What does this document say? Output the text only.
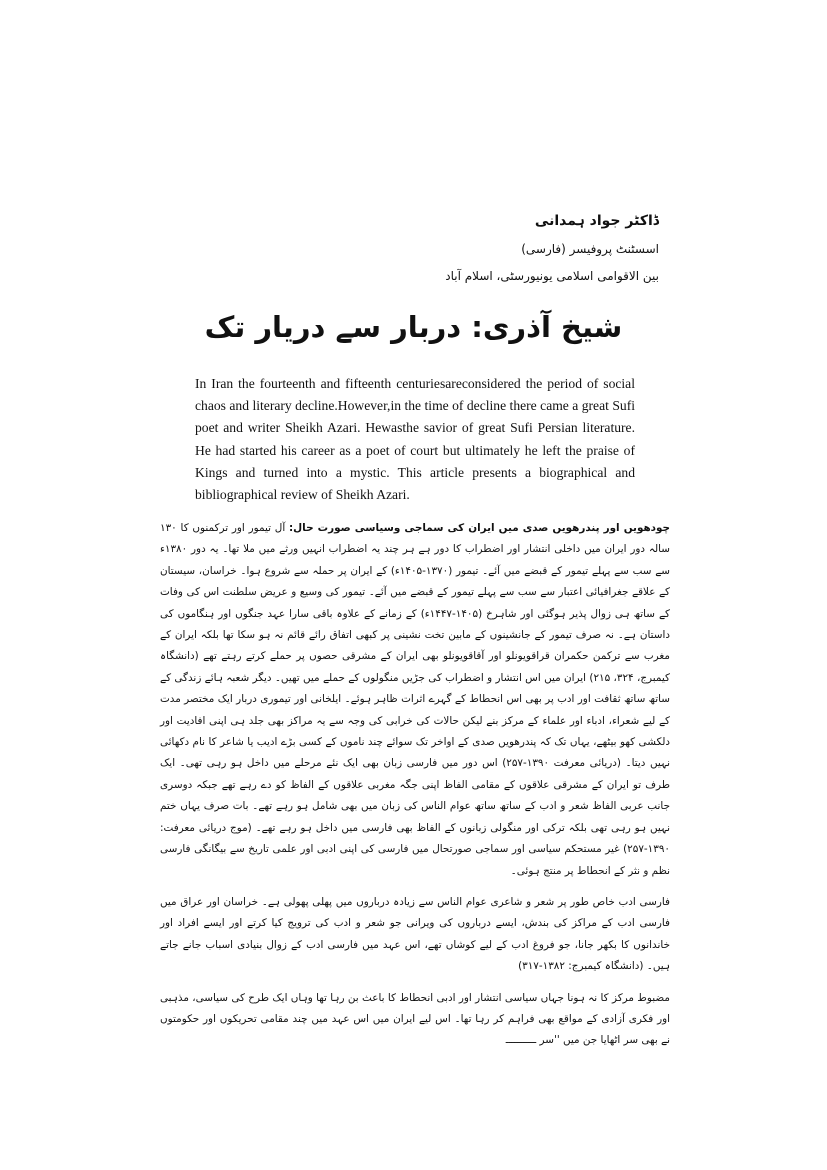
ڈاکٹر جواد ہمدانی
اسسٹنٹ پروفیسر (فارسی)
بین الاقوامی اسلامی یونیورسٹی، اسلام آباد
شیخ آذری: دربار سے دریار تک
In Iran the fourteenth and fifteenth centuriesareconsidered the period of social chaos and literary decline.However,in the time of decline there came a great Sufi poet and writer Sheikh Azari. Hewasthe savior of great Sufi Persian literature. He had started his career as a poet of court but ultimately he left the praise of Kings and turned into a mystic. This article presents a biographical and bibliographical review of Sheikh Azari.

چودھویں اور پندرھویں صدی میں ایران کی سماجی وسیاسی صورت حال: آل تیمور اور ترکمنوں کا ۱۳۰ سالہ دور ایران میں داخلی انتشار اور اضطراب کا دور ہے ہر چند یہ اضطراب انہیں ورثے میں ملا تھا۔ یہ دور ۱۳۸۰ء سے سب سے پہلے تیمور کے قبضے میں آئے۔ تیمور (۱۳۷۰-۱۴۰۵ء) کے ایران پر حملہ سے شروع ہوا۔ خراسان، سیستان کے علاقے جغرافیائی اعتبار سے سب سے پہلے تیمور کے قبضے میں آئے۔ تیمور کی وسیع و عریض سلطنت اس کی وفات کے ساتھ ہی زوال پذیر ہوگئی اور شاہرخ (۱۴۰۵-۱۴۴۷ء) کے زمانے کے علاوہ باقی سارا عہد جنگوں اور ہنگاموں کی داستان ہے۔ نہ صرف تیمور کے جانشینوں کے مابین تخت نشینی پر کبھی اتفاق رائے قائم نہ ہو سکا تھا بلکہ ایران کے مغرب سے ترکمن حکمران قراقویونلو اور آقاقویونلو بھی ایران کے مشرقی حصوں پر حملے کرتے رہتے تھے (دانشگاہ کیمبرج، ۳۲۴، ۲۱۵) ایران میں اس انتشار و اضطراب کی جڑیں منگولوں کے حملے میں تھیں۔ دیگر شعبہ ہائے زندگی کے ساتھ ساتھ ثقافت اور ادب پر بھی اس انحطاط کے گہرے اثرات ظاہر ہوئے۔ ایلخانی اور تیموری دربار ایک مختصر مدت کے لیے شعراء، ادباء اور علماء کے مرکز بنے لیکن حالات کی خرابی کی وجہ سے یہ مراکز بھی جلد ہی اپنی افادیت اور دلکشی کھو بیٹھے، یہاں تک کہ پندرھویں صدی کے اواخر تک سوائے چند ناموں کے کسی بڑے ادیب یا شاعر کا نام دکھائی نہیں دیتا۔ (دریائی معرفت ۱۳۹۰-۲۵۷) اس دور میں فارسی زبان بھی ایک نئے مرحلے میں داخل ہو رہی تھی۔ ایک طرف تو ایران کے مشرقی علاقوں کے مقامی الفاظ اپنی جگہ مغربی علاقوں کے الفاظ کو دے رہے تھے جبکہ دوسری جانب عربی الفاظ شعر و ادب کے ساتھ ساتھ عوام الناس کی زبان میں بھی شامل ہو رہے تھے۔ بات صرف یہاں ختم نہیں ہو رہی تھی بلکہ ترکی اور منگولی زبانوں کے الفاظ بھی فارسی میں داخل ہو رہے تھے۔ (موج دریائی معرفت: ۱۳۹۰-۲۵۷) غیر مستحکم سیاسی اور سماجی صورتحال میں فارسی کی اپنی ادبی اور علمی تاریخ سے بیگانگی فارسی نظم و نثر کے انحطاط پر منتج ہوئی۔

فارسی ادب خاص طور پر شعر و شاعری عوام الناس سے زیادہ درباروں میں پھلی پھولی ہے۔ خراسان اور عراق میں فارسی ادب کے مراکز کی بندش، ایسے درباروں کی ویرانی جو شعر و ادب کی ترویج کیا کرتے اور ایسے افراد اور خاندانوں کا بکھر جانا، جو فروغ ادب کے لیے کوشاں تھے، اس عہد میں فارسی ادب کے زوال بنیادی اسباب جانے جاتے ہیں۔ (دانشگاہ کیمبرج: ۱۳۸۲-۳۱۷)

مضبوط مرکز کا نہ ہونا جہاں سیاسی انتشار اور ادبی انحطاط کا باعث بن رہا تھا وہاں ایک طرح کی سیاسی، مذہبی اور فکری آزادی کے مواقع بھی فراہم کر رہا تھا۔ اس لیے ایران میں اس عہد میں چند مقامی تحریکوں اور حکومتوں نے بھی سر اٹھایا جن میں ''سر ــــــــــ
